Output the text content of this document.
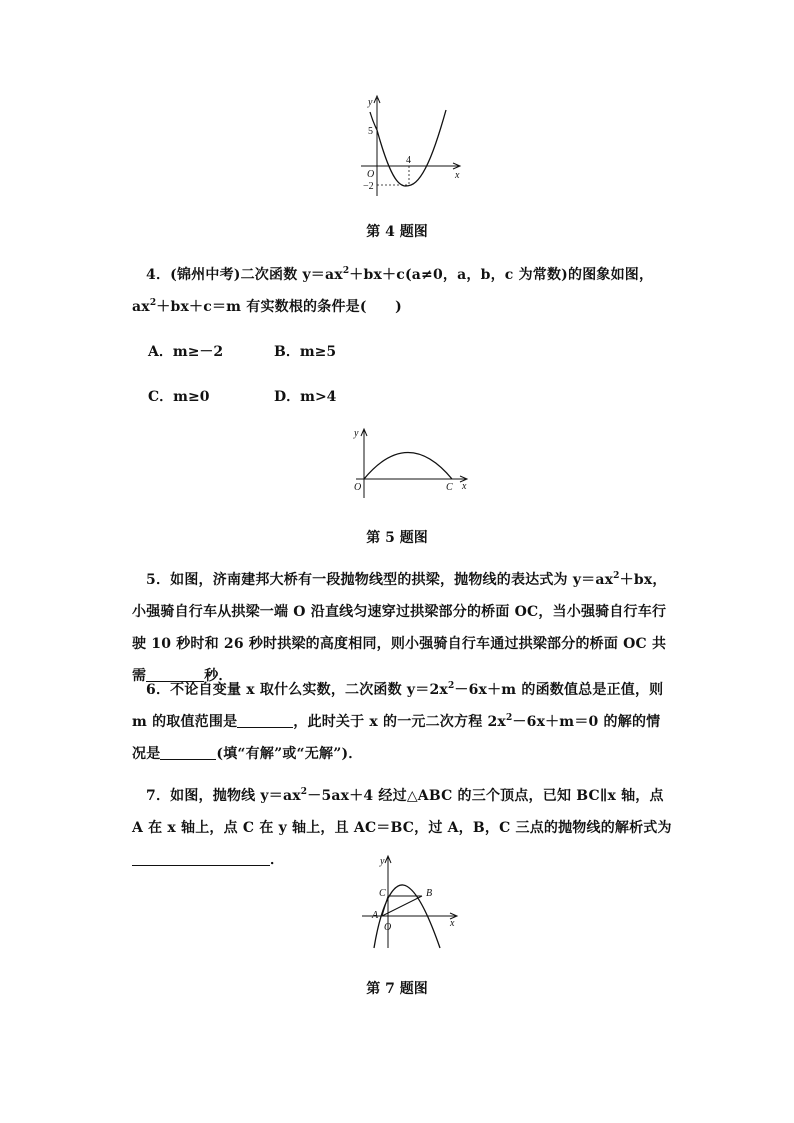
y
x
O
5
4
−2
第 4 题图
4．(锦州中考)二次函数 $y=ax^2+bx+c(a\ne 0$，a，b，c 为常数)的图象如图，$ax^2+bx+c=m$ 有实数根的条件是(　　)
A．m≥－2	B．m≥5
C．m≥0	D．m>4
y
x
O	C
第 5 题图
5．如图，济南建邦大桥有一段抛物线型的拱梁，抛物线的表达式为 $y=ax^2+bx$，小强骑自行车从拱梁一端 O 沿直线匀速穿过拱梁部分的桥面 OC，当小强骑自行车行驶 10 秒时和 26 秒时拱梁的高度相同，则小强骑自行车通过拱梁部分的桥面 OC 共需	秒．
6．不论自变量 x 取什么实数，二次函数 $y=2x^2-6x+m$ 的函数值总是正值，则 m 的取值范围是	，此时关于 x 的一元二次方程 $2x^2-6x+m=0$ 的解的情况是	(填“有解”或“无解”)．
7．如图，抛物线 $y=ax^2-5ax+4$ 经过△ABC 的三个顶点，已知 BC∥x 轴，点 A 在 x 轴上，点 C 在 y 轴上，且 AC＝BC，过 A，B，C 三点的抛物线的解析式为．	y
x
O
A
B
C
第 7 题图
